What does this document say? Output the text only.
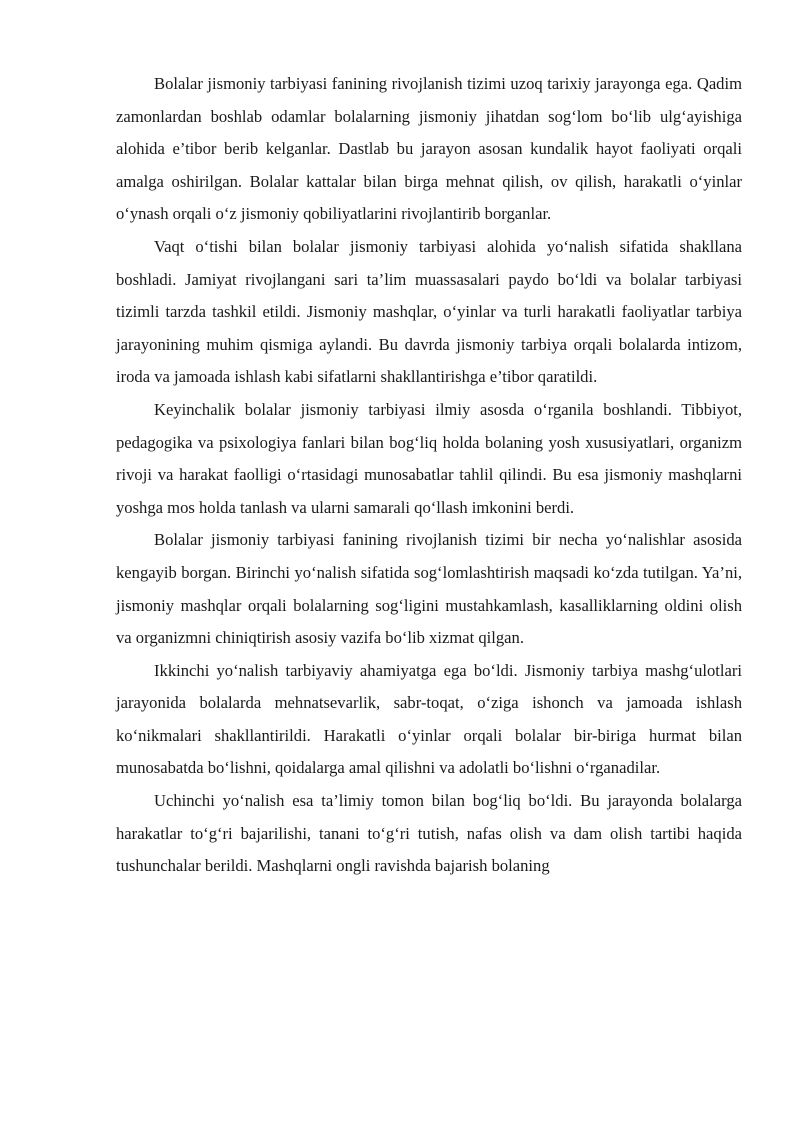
Bolalar jismoniy tarbiyasi fanining rivojlanish tizimi uzoq tarixiy jarayonga ega. Qadim zamonlardan boshlab odamlar bolalarning jismoniy jihatdan sog‘lom bo‘lib ulg‘ayishiga alohida e’tibor berib kelganlar. Dastlab bu jarayon asosan kundalik hayot faoliyati orqali amalga oshirilgan. Bolalar kattalar bilan birga mehnat qilish, ov qilish, harakatli o‘yinlar o‘ynash orqali o‘z jismoniy qobiliyatlarini rivojlantirib borganlar.

Vaqt o‘tishi bilan bolalar jismoniy tarbiyasi alohida yo‘nalish sifatida shakllana boshladi. Jamiyat rivojlangani sari ta’lim muassasalari paydo bo‘ldi va bolalar tarbiyasi tizimli tarzda tashkil etildi. Jismoniy mashqlar, o‘yinlar va turli harakatli faoliyatlar tarbiya jarayonining muhim qismiga aylandi. Bu davrda jismoniy tarbiya orqali bolalarda intizom, iroda va jamoada ishlash kabi sifatlarni shakllantirishga e’tibor qaratildi.

Keyinchalik bolalar jismoniy tarbiyasi ilmiy asosda o‘rganila boshlandi. Tibbiyot, pedagogika va psixologiya fanlari bilan bog‘liq holda bolaning yosh xususiyatlari, organizm rivoji va harakat faolligi o‘rtasidagi munosabatlar tahlil qilindi. Bu esa jismoniy mashqlarni yoshga mos holda tanlash va ularni samarali qo‘llash imkonini berdi.

Bolalar jismoniy tarbiyasi fanining rivojlanish tizimi bir necha yo‘nalishlar asosida kengayib borgan. Birinchi yo‘nalish sifatida sog‘lomlashtirish maqsadi ko‘zda tutilgan. Ya’ni, jismoniy mashqlar orqali bolalarning sog‘ligini mustahkamlash, kasalliklarning oldini olish va organizmni chiniqtirish asosiy vazifa bo‘lib xizmat qilgan.

Ikkinchi yo‘nalish tarbiyaviy ahamiyatga ega bo‘ldi. Jismoniy tarbiya mashg‘ulotlari jarayonida bolalarda mehnatsevarlik, sabr-toqat, o‘ziga ishonch va jamoada ishlash ko‘nikmalari shakllantirildi. Harakatli o‘yinlar orqali bolalar bir-biriga hurmat bilan munosabatda bo‘lishni, qoidalarga amal qilishni va adolatli bo‘lishni o‘rganadilar.

Uchinchi yo‘nalish esa ta’limiy tomon bilan bog‘liq bo‘ldi. Bu jarayonda bolalarga harakatlar to‘g‘ri bajarilishi, tanani to‘g‘ri tutish, nafas olish va dam olish tartibi haqida tushunchalar berildi. Mashqlarni ongli ravishda bajarish bolaning
